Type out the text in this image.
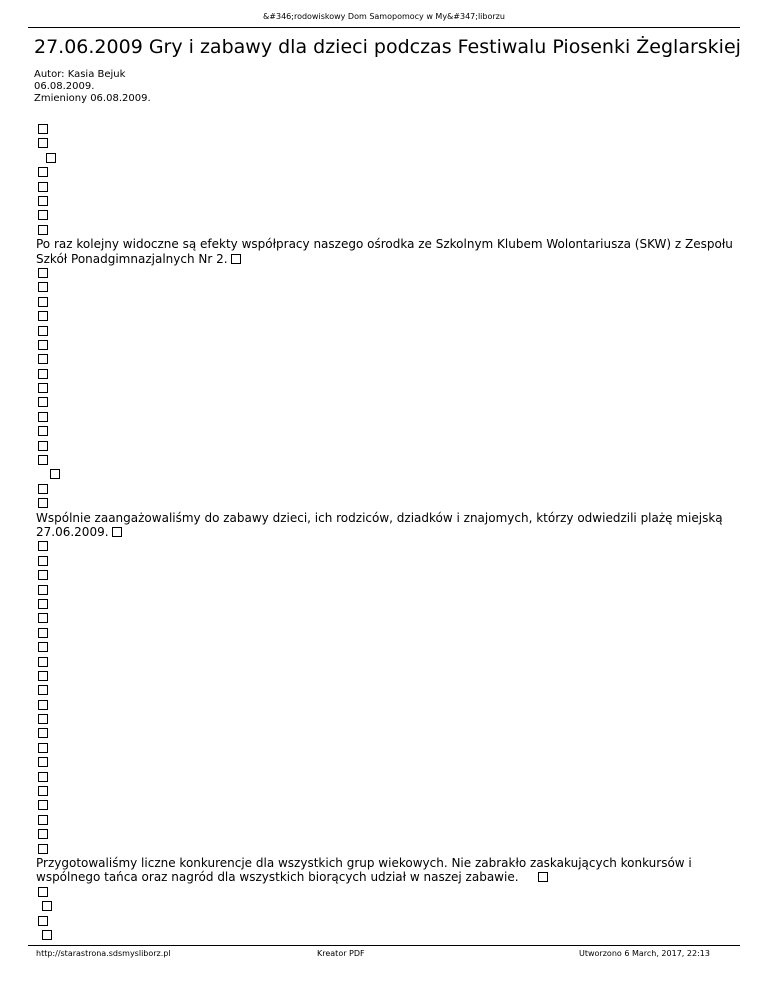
&#346;rodowiskowy Dom Samopomocy w My&#347;liborzu
27.06.2009 Gry i zabawy dla dzieci podczas Festiwalu Piosenki Żeglarskiej
Autor: Kasia Bejuk
06.08.2009.
Zmieniony 06.08.2009.

Po raz kolejny widoczne są efekty współpracy naszego ośrodka ze Szkolnym Klubem Wolontariusza (SKW) z Zespołu Szkół Ponadgimnazjalnych Nr 2.

Wspólnie zaangażowaliśmy do zabawy dzieci, ich rodziców, dziadków i znajomych, którzy odwiedzili plażę miejską 27.06.2009.

Przygotowaliśmy liczne konkurencje dla wszystkich grup wiekowych. Nie zabrakło zaskakujących konkursów i wspólnego tańca oraz nagród dla wszystkich biorących udział w naszej zabawie.

http://starastrona.sdsmysliborz.pl	Kreator PDF	Utworzono 6 March, 2017, 22:13
